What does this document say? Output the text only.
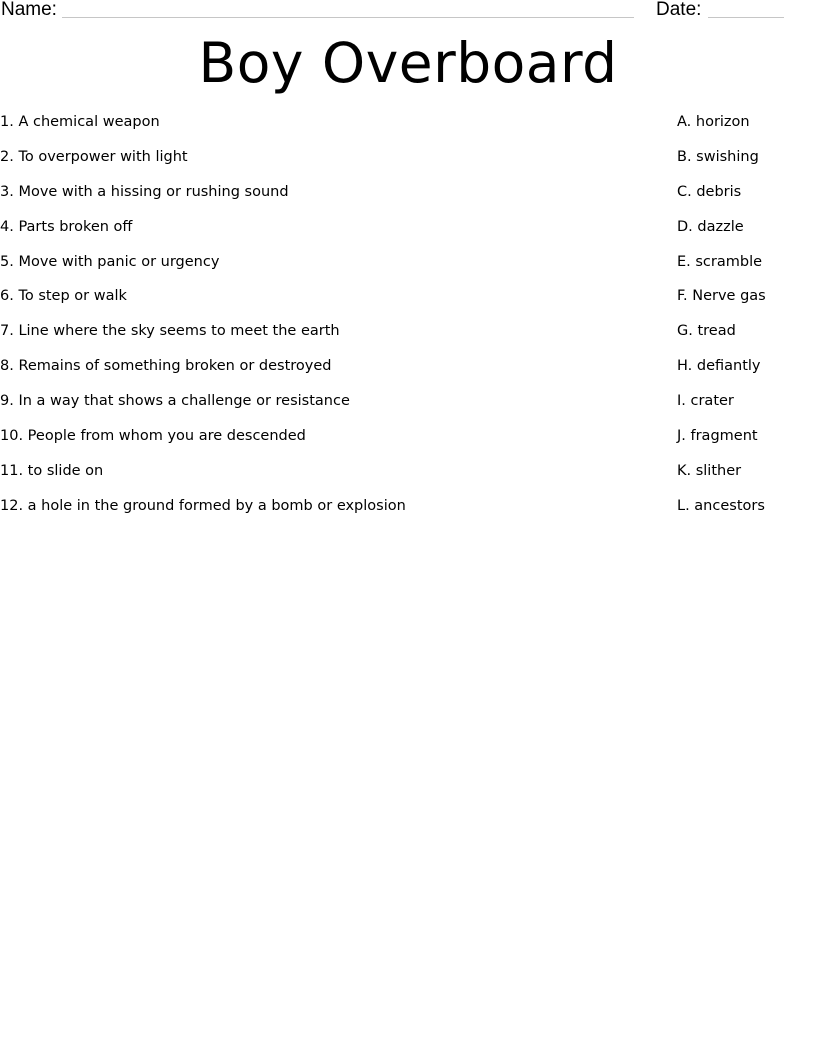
Name:	Date:
Boy Overboard
1. A chemical weapon
2. To overpower with light
3. Move with a hissing or rushing sound
4. Parts broken off
5. Move with panic or urgency
6. To step or walk
7. Line where the sky seems to meet the earth
8. Remains of something broken or destroyed
9. In a way that shows a challenge or resistance
10. People from whom you are descended
11. to slide on
12. a hole in the ground formed by a bomb or explosion
A. horizon
B. swishing
C. debris
D. dazzle
E. scramble
F. Nerve gas
G. tread
H. defiantly
I. crater
J. fragment
K. slither
L. ancestors
